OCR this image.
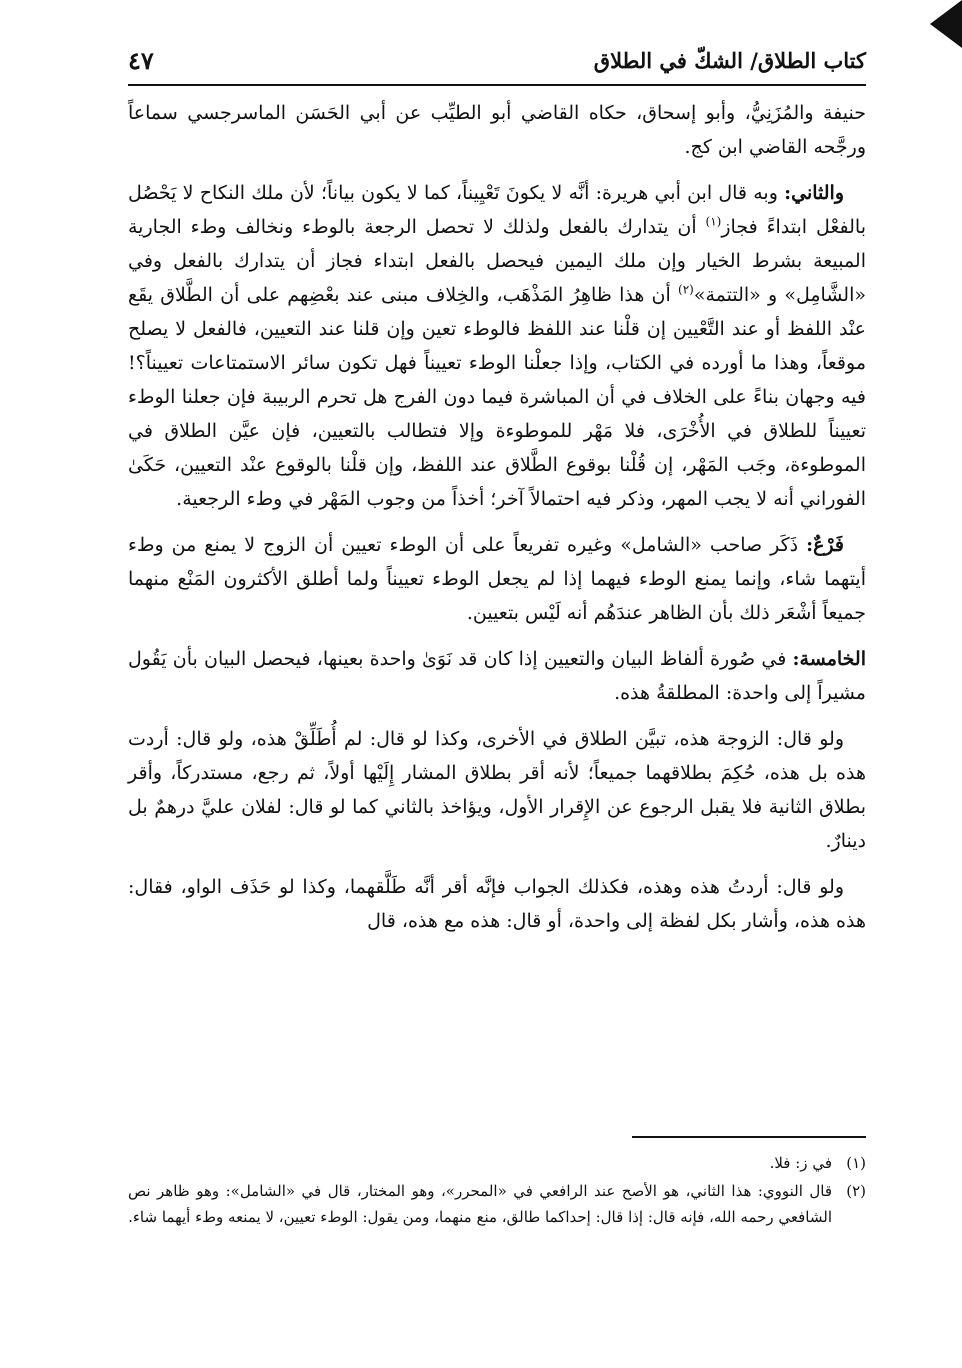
كتاب الطلاق/ الشكّ في الطلاق
٤٧

حنيفة والمُزَنِيُّ، وأبو إسحاق، حكاه القاضي أبو الطيِّب عن أبي الحَسَن الماسرجسي سماعاً ورجَّحه القاضي ابن كج.

والثاني: وبه قال ابن أبي هريرة: أنَّه لا يكونَ تَعْيِيناً، كما لا يكون بياناً؛ لأن ملك النكاح لا يَحْصُل بالفعْل ابتداءً فجاز$^{(١)}$ أن يتدارك بالفعل ولذلك لا تحصل الرجعة بالوطء ونخالف وطء الجارية المبيعة بشرط الخيار وإن ملك اليمين فيحصل بالفعل ابتداء فجاز أن يتدارك بالفعل وفي «الشَّامِل» و «التتمة»$^{(٢)}$ أن هذا ظاهِرُ المَذْهَب، والخِلاف مبنى عند بعْضِهم على أن الطَّلاق يقَع عنْد اللفظ أو عند التَّعْيين إن قلْنا عند اللفظ فالوطء تعين وإن قلنا عند التعيين، فالفعل لا يصلح موقعاً، وهذا ما أورده في الكتاب، وإذا جعلْنا الوطء تعييناً فهل تكون سائر الاستمتاعات تعييناً؟! فيه وجهان بناءً على الخلاف في أن المباشرة فيما دون الفرج هل تحرم الربيبة فإن جعلنا الوطء تعييناً للطلاق في الأُخْرَى، فلا مَهْر للموطوءة وإلا فتطالب بالتعيين، فإن عيَّن الطلاق في الموطوءة، وجَب المَهْر، إن قُلْنا بوقوع الطَّلاق عند اللفظ، وإن قلْنا بالوقوع عنْد التعيين، حَكَىٰ الفوراني أنه لا يجب المهر، وذكر فيه احتمالاً آخر؛ أخذاً من وجوب المَهْر في وطء الرجعية.

فَرْعٌ: ذَكَر صاحب «الشامل» وغيره تفريعاً على أن الوطء تعيين أن الزوج لا يمنع من وطء أيتهما شاء، وإنما يمنع الوطء فيهما إذا لم يجعل الوطء تعييناً ولما أطلق الأكثرون المَنْع منهما جميعاً أشْعَر ذلك بأن الظاهر عندَهُم أنه لَيْس بتعيين.

الخامسة: في صُورة ألفاظ البيان والتعيين إذا كان قد نَوَىٰ واحدة بعينها، فيحصل البيان بأن يَقُول مشيراً إلى واحدة: المطلقةُ هذه.

ولو قال: الزوجة هذه، تبيَّن الطلاق في الأخرى، وكذا لو قال: لم أُطَلِّقْ هذه، ولو قال: أردت هذه بل هذه، حُكِمَ بطلاقهما جميعاً؛ لأنه أقر بطلاق المشار إِلَيْها أولاً، ثم رجع، مستدركاً، وأقر بطلاق الثانية فلا يقبل الرجوع عن الإِقرار الأول، ويؤاخذ بالثاني كما لو قال: لفلان عليَّ درهمٌ بل دينارٌ.

ولو قال: أردتُ هذه وهذه، فكذلك الجواب فإنَّه أقر أنَّه طَلَّقهما، وكذا لو حَذَف الواو، فقال: هذه هذه، وأشار بكل لفظة إلى واحدة، أو قال: هذه مع هذه، قال

(١)
في ز: فلا.
(٢)
قال النووي: هذا الثاني، هو الأصح عند الرافعي في «المحرر»، وهو المختار، قال في «الشامل»: وهو ظاهر نص الشافعي رحمه الله، فإنه قال: إذا قال: إحداكما طالق، منع منهما، ومن يقول: الوطء تعيين، لا يمنعه وطء أيهما شاء.
